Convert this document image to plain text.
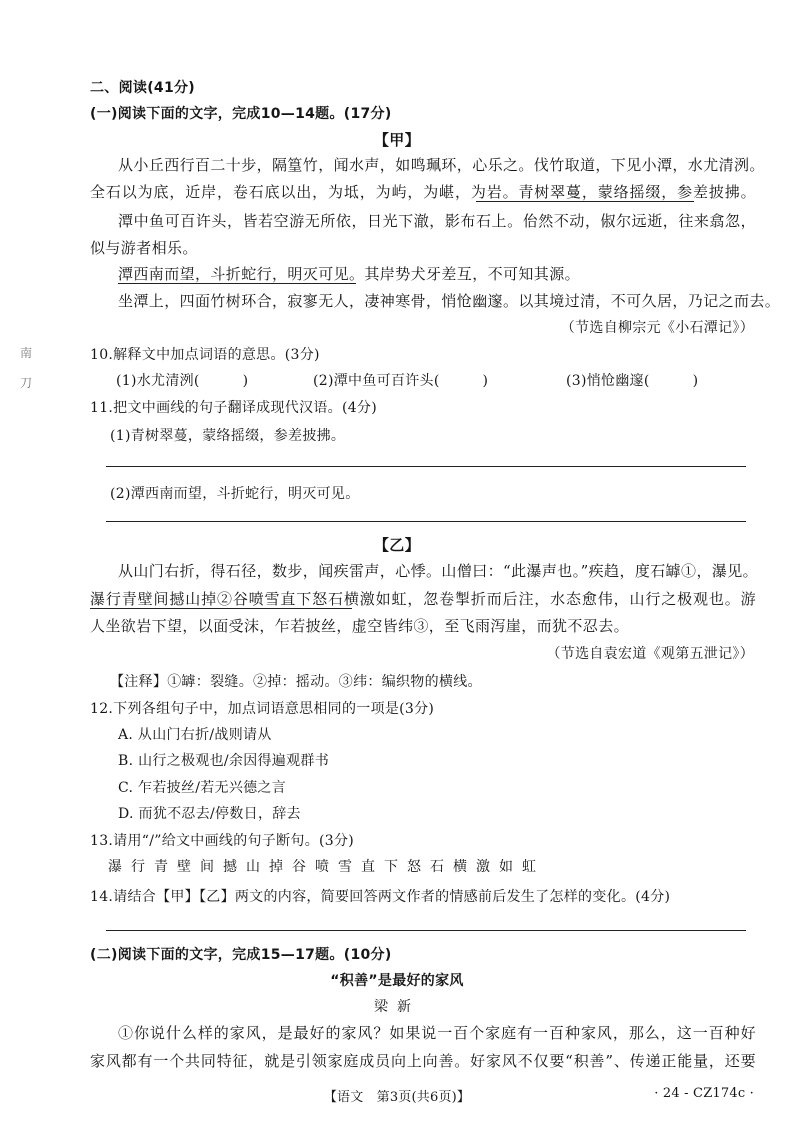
南
刀
二、阅读(41分)
(一)阅读下面的文字，完成10—14题。(17分)
【甲】
从小丘西行百二十步，隔篁竹，闻水声，如鸣珮环，心乐之。伐竹取道，下见小潭，水尤清洌。
全石以为底，近岸，卷石底以出，为坻，为屿，为嵁，为岩。青树翠蔓，蒙络摇缀，参差披拂。
潭中鱼可百许头，皆若空游无所依，日光下澈，影布石上。佁然不动，俶尔远逝，往来翕忽，
似与游者相乐。
潭西南而望，斗折蛇行，明灭可见。其岸势犬牙差互，不可知其源。
坐潭上，四面竹树环合，寂寥无人，凄神寒骨，悄怆幽邃。以其境过清，不可久居，乃记之而去。
（节选自柳宗元《小石潭记》）
10.解释文中加点词语的意思。(3分)
(1)水尤清洌(　　　)	(2)潭中鱼可百许头(　　　)	(3)悄怆幽邃(　　　)
11.把文中画线的句子翻译成现代汉语。(4分)
(1)青树翠蔓，蒙络摇缀，参差披拂。
(2)潭西南而望，斗折蛇行，明灭可见。
【乙】
从山门右折，得石径，数步，闻疾雷声，心悸。山僧曰：“此瀑声也。”疾趋，度石罅①，瀑见。
瀑行青壁间撼山掉②谷喷雪直下怒石横激如虹，忽卷掣折而后注，水态愈伟，山行之极观也。游
人坐欲岩下望，以面受沫，乍若披丝，虚空皆纬③，至飞雨泻崖，而犹不忍去。
（节选自袁宏道《观第五泄记》）
【注释】①罅：裂缝。②掉：摇动。③纬：编织物的横线。
12.下列各组句子中，加点词语意思相同的一项是(3分)
A. 从山门右折/战则请从
B. 山行之极观也/余因得遍观群书
C. 乍若披丝/若无兴德之言
D. 而犹不忍去/停数日，辞去
13.请用“/”给文中画线的句子断句。(3分)
瀑行青壁间撼山掉谷喷雪直下怒石横激如虹
14.请结合【甲】【乙】两文的内容，简要回答两文作者的情感前后发生了怎样的变化。(4分)
(二)阅读下面的文字，完成15—17题。(10分)
“积善”是最好的家风
梁新
①你说什么样的家风，是最好的家风？如果说一百个家庭有一百种家风，那么，这一百种好
家风都有一个共同特征，就是引领家庭成员向上向善。好家风不仅要“积善”、传递正能量，还要
【语文　第3页(共6页)】	· 24 - CZ174c ·
